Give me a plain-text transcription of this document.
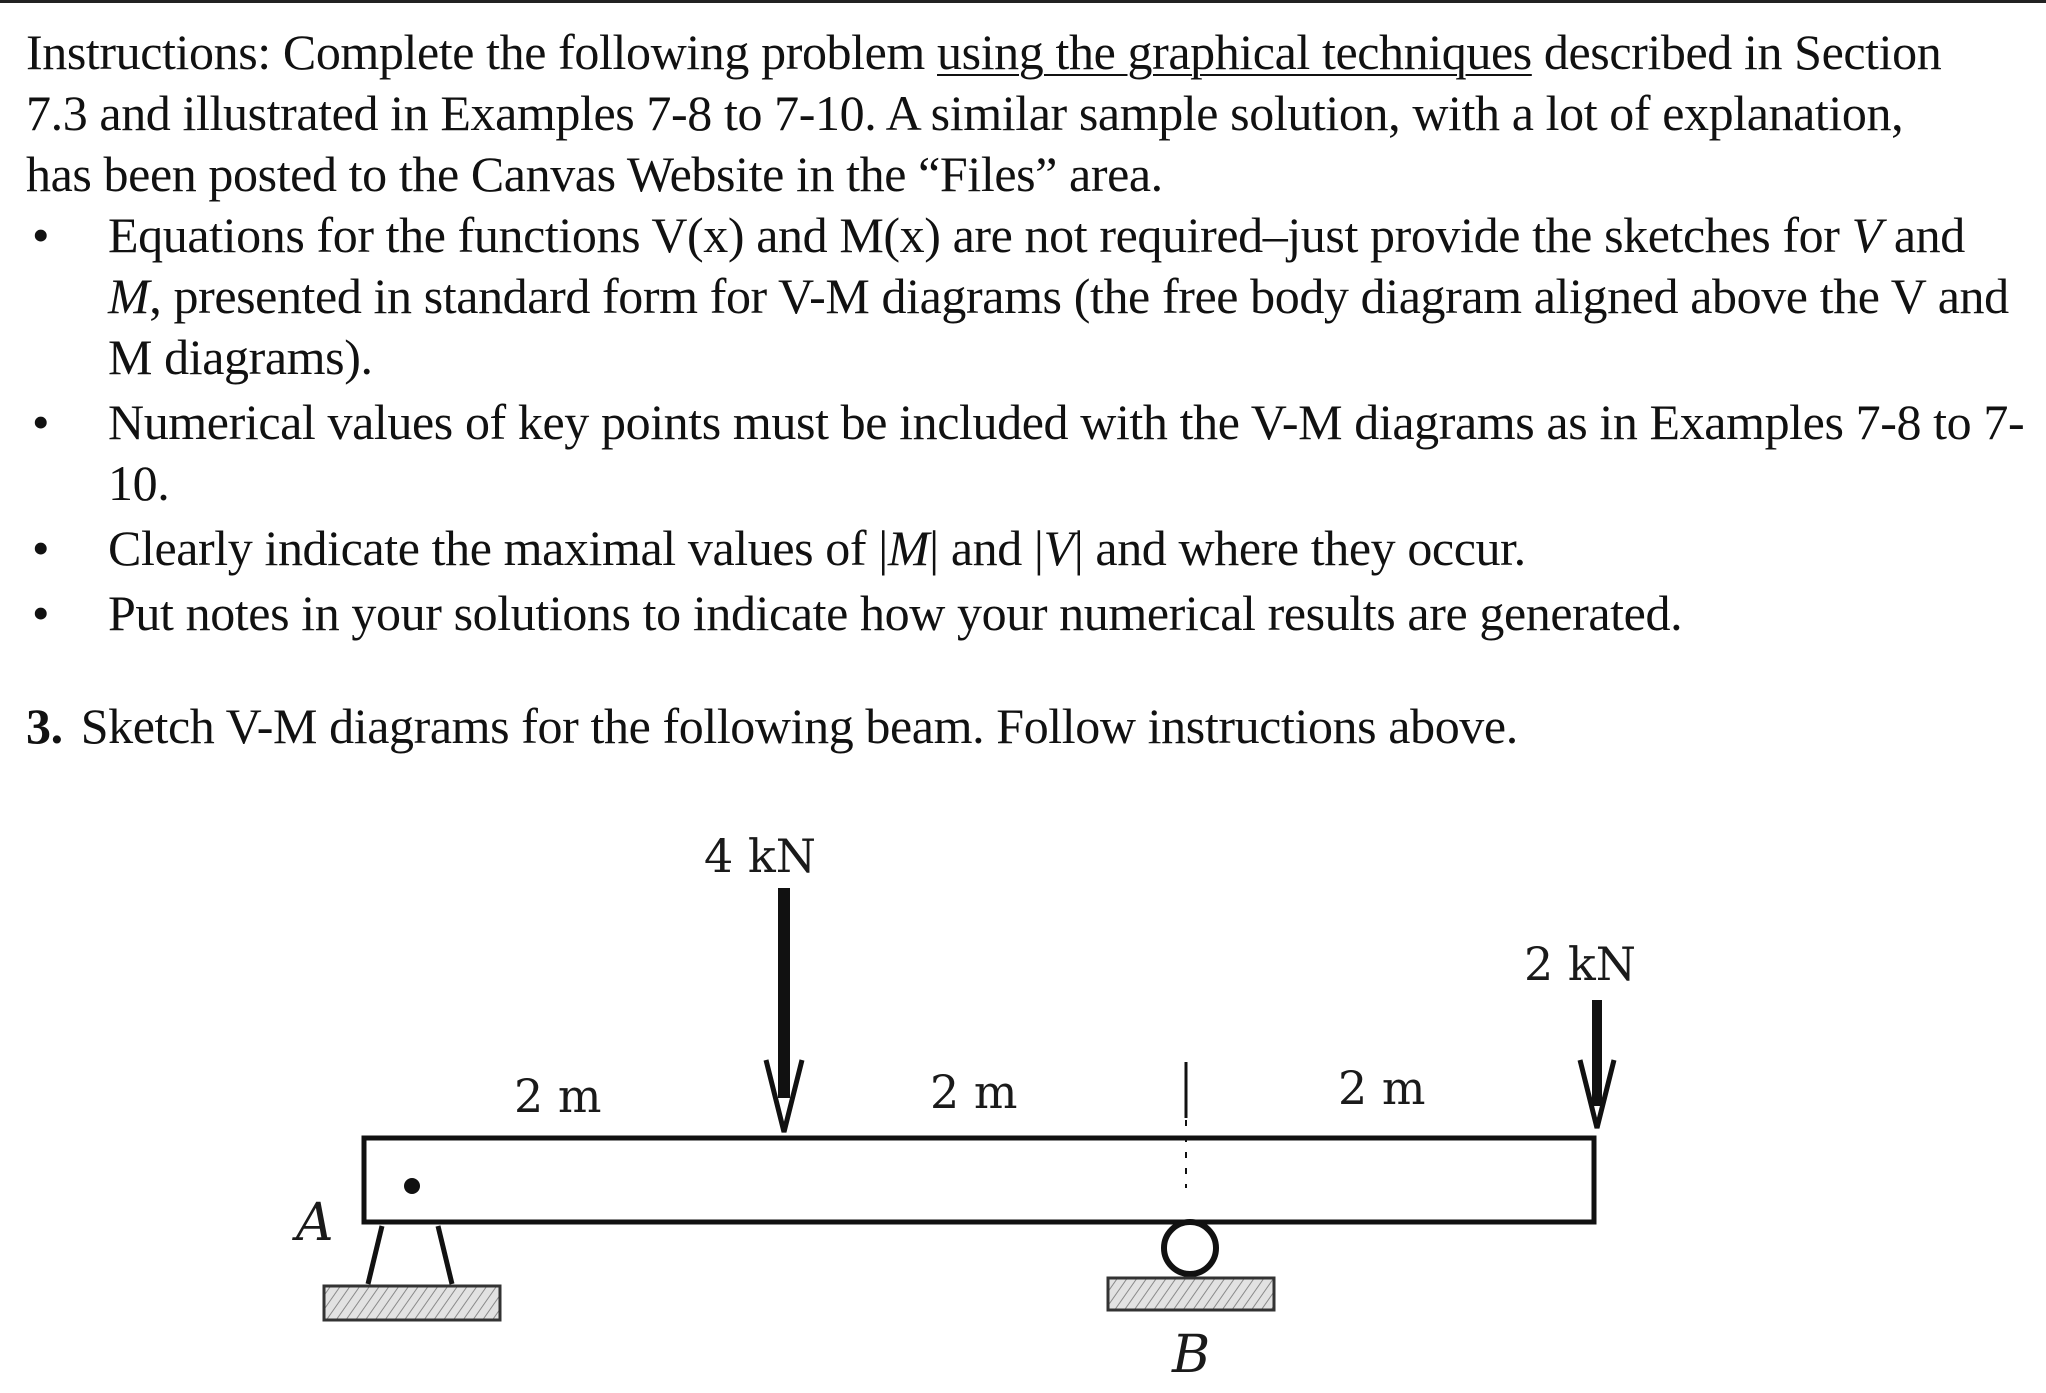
Instructions: Complete the following problem using the graphical techniques described in Section
7.3 and illustrated in Examples 7-8 to 7-10. A similar sample solution, with a lot of explanation,
has been posted to the Canvas Website in the “Files” area.

• Equations for the functions V(x) and M(x) are not required–just provide the sketches for V and M, presented in standard form for V-M diagrams (the free body diagram aligned above the V and M diagrams).
• Numerical values of key points must be included with the V-M diagrams as in Examples 7-8 to 7-10.
• Clearly indicate the maximal values of |M| and |V| and where they occur.
• Put notes in your solutions to indicate how your numerical results are generated.

3. Sketch V-M diagrams for the following beam. Follow instructions above.

A
B
4 kN
2 kN
2 m	2 m	2 m
